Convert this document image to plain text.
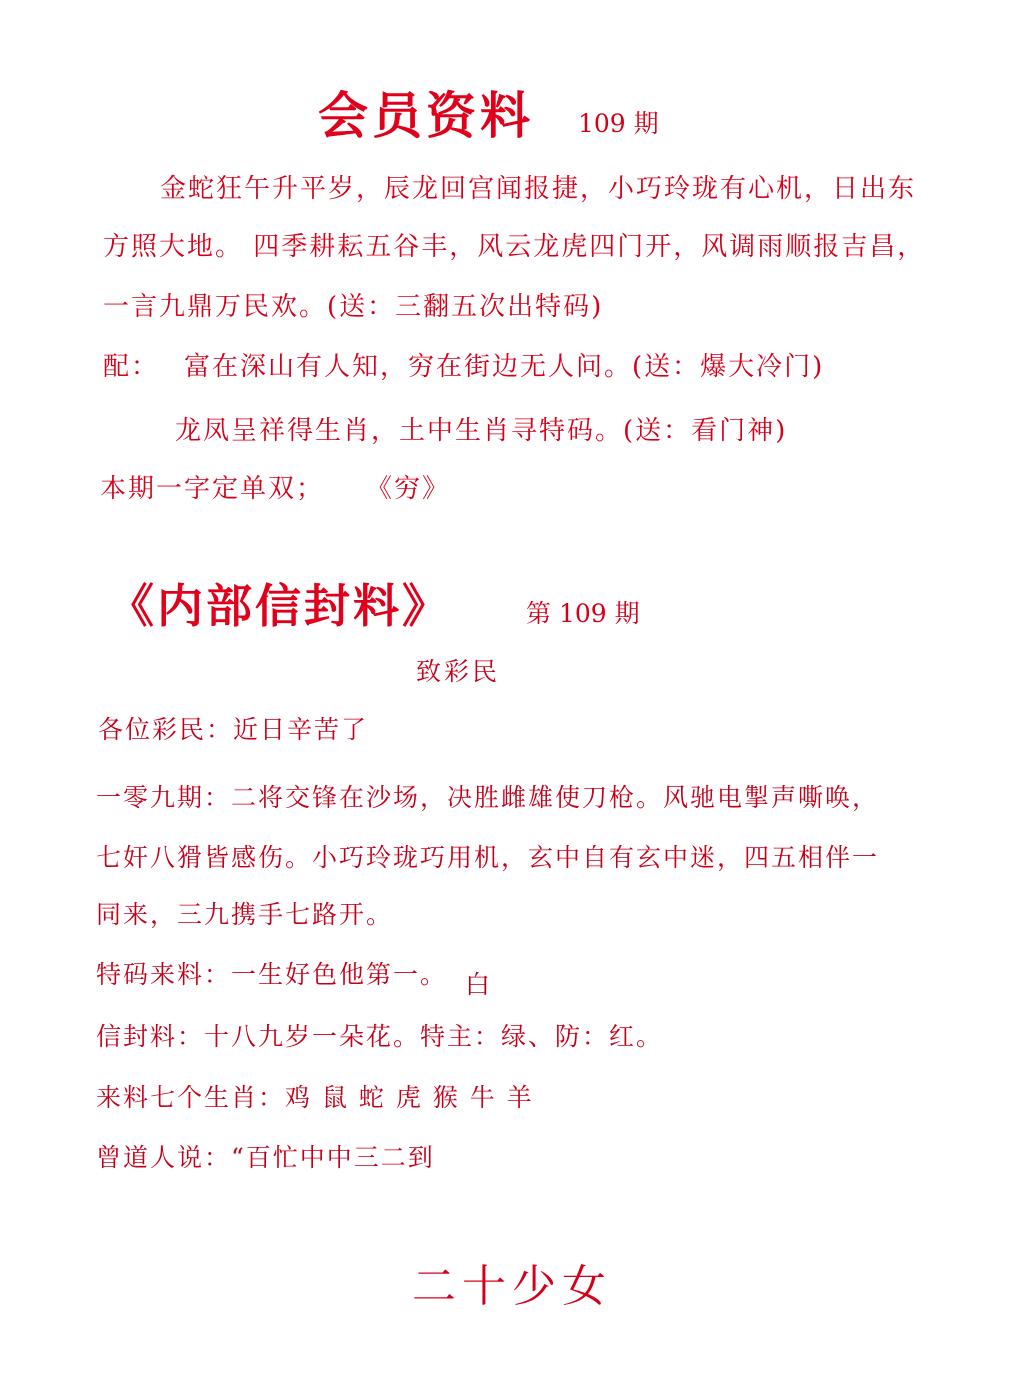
会员资料 109 期
金蛇狂午升平岁，辰龙回宫闻报捷，小巧玲珑有心机，日出东
方照大地。 四季耕耘五谷丰，风云龙虎四门开，风调雨顺报吉昌，
一言九鼎万民欢。(送：三翻五次出特码)
配： 富在深山有人知，穷在街边无人问。(送：爆大冷门)
龙凤呈祥得生肖，土中生肖寻特码。(送：看门神)
本期一字定单双； 《穷》
《内部信封料》	第 109 期
致彩民
各位彩民：近日辛苦了
一零九期：二将交锋在沙场，决胜雌雄使刀枪。风驰电掣声嘶唤，
七奸八猾皆感伤。小巧玲珑巧用机，玄中自有玄中迷，四五相伴一
同来，三九携手七路开。
特码来料：一生好色他第一。 白
信封料：十八九岁一朵花。特主：绿、防：红。
来料七个生肖：鸡 鼠 蛇 虎 猴 牛 羊
曾道人说：“百忙中中三二到
二十少女
